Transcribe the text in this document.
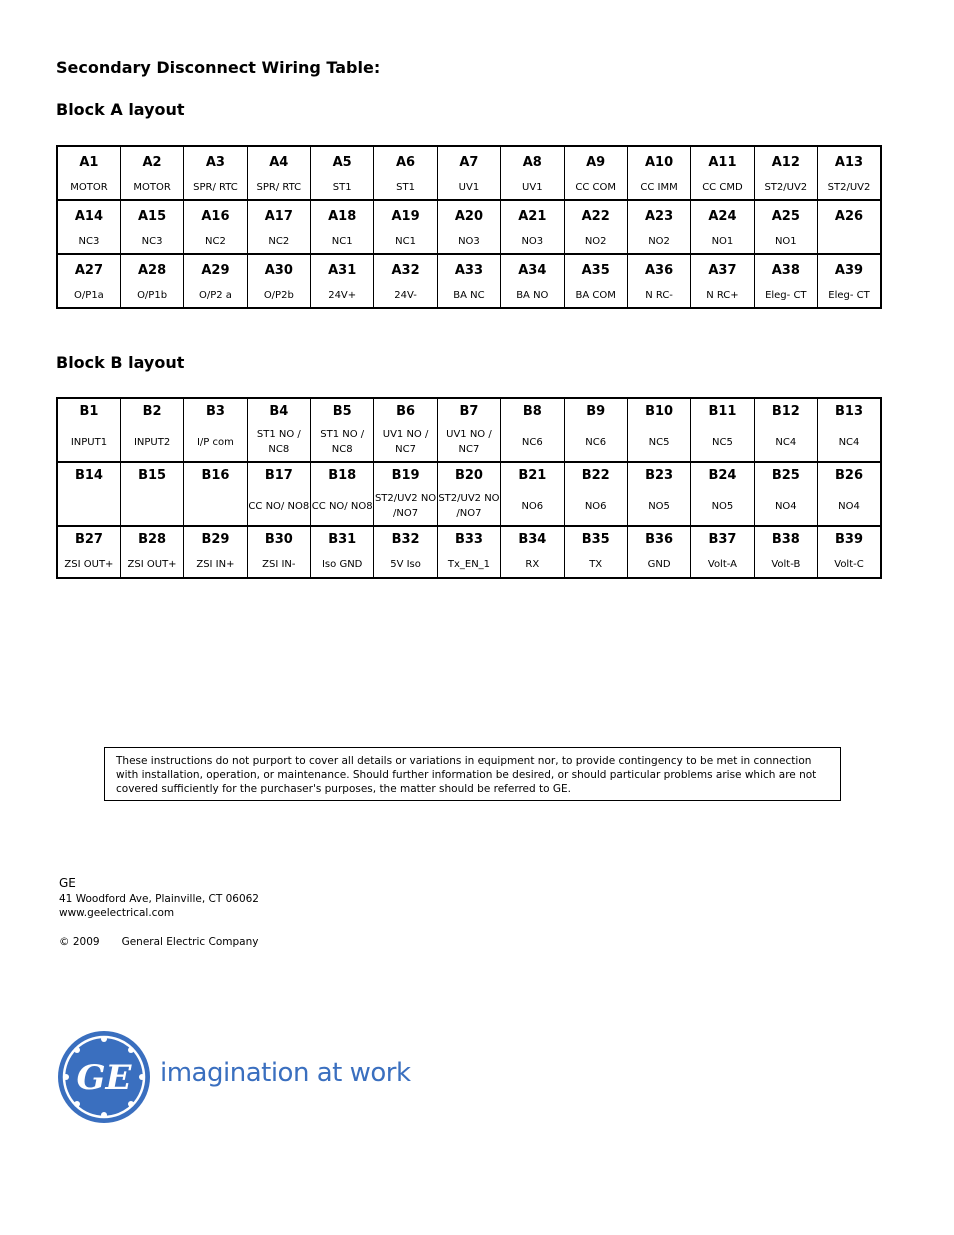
Secondary Disconnect Wiring Table:
Block A layout
A1	A2	A3	A4	A5	A6	A7	A8	A9	A10	A11	A12	A13
MOTOR	MOTOR	SPR/ RTC	SPR/ RTC	ST1	ST1	UV1	UV1	CC COM	CC IMM	CC CMD	ST2/UV2	ST2/UV2
A14	A15	A16	A17	A18	A19	A20	A21	A22	A23	A24	A25	A26
NC3	NC3	NC2	NC2	NC1	NC1	NO3	NO3	NO2	NO2	NO1	NO1	
A27	A28	A29	A30	A31	A32	A33	A34	A35	A36	A37	A38	A39
O/P1a	O/P1b	O/P2 a	O/P2b	24V+	24V-	BA NC	BA NO	BA COM	N RC-	N RC+	Eleg- CT	Eleg- CT
Block B layout
B1	B2	B3	B4	B5	B6	B7	B8	B9	B10	B11	B12	B13
INPUT1	INPUT2	I/P com	ST1 NO / NC8	ST1 NO / NC8	UV1 NO / NC7	UV1 NO / NC7	NC6	NC6	NC5	NC5	NC4	NC4
B14	B15	B16	B17	B18	B19	B20	B21	B22	B23	B24	B25	B26
			CC NO/ NO8	CC NO/ NO8	ST2/UV2 NO /NO7	ST2/UV2 NO /NO7	NO6	NO6	NO5	NO5	NO4	NO4
B27	B28	B29	B30	B31	B32	B33	B34	B35	B36	B37	B38	B39
ZSI OUT+	ZSI OUT+	ZSI IN+	ZSI IN-	Iso GND	5V Iso	Tx_EN_1	RX	TX	GND	Volt-A	Volt-B	Volt-C
These instructions do not purport to cover all details or variations in equipment nor, to provide contingency to be met in connection with installation, operation, or maintenance. Should further information be desired, or should particular problems arise which are not covered sufficiently for the purchaser's purposes, the matter should be referred to GE.
GE
41 Woodford Ave, Plainville, CT 06062
www.geelectrical.com
© 2009 General Electric Company
GE imagination at work
